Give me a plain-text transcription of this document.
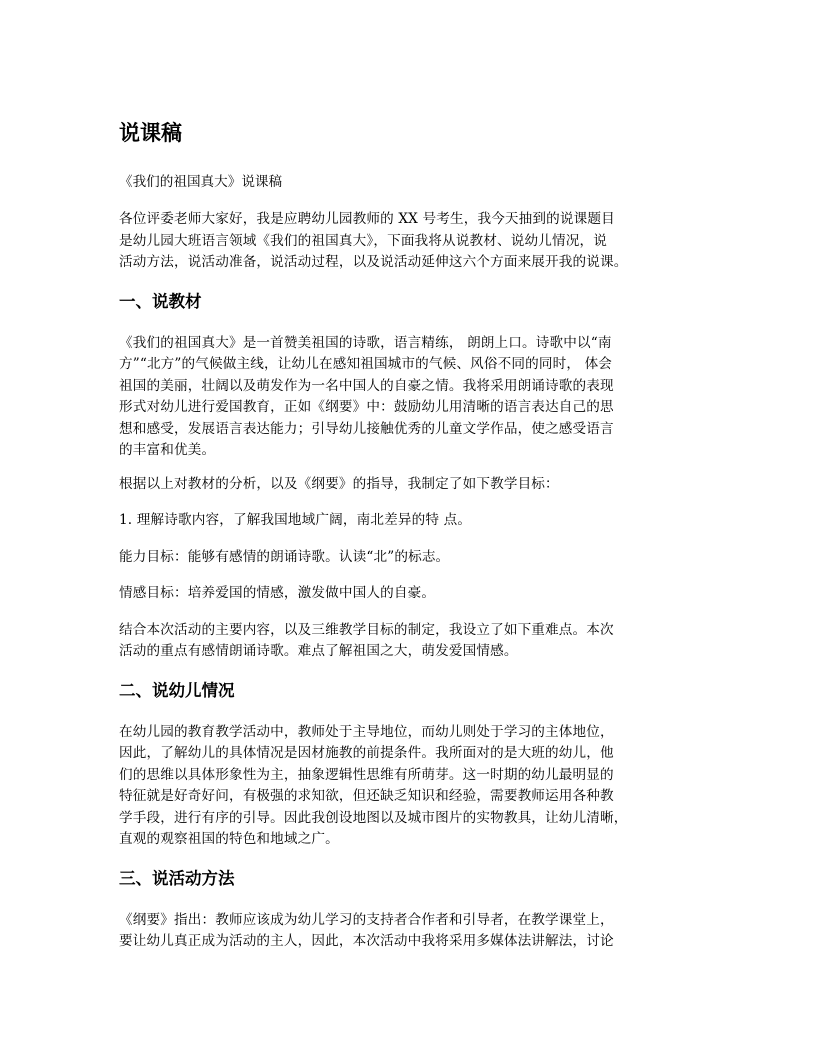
说课稿
《我们的祖国真大》说课稿

各位评委老师大家好，我是应聘幼儿园教师的 XX 号考生，我今天抽到的说课题目
是幼儿园大班语言领域《我们的祖国真大》，下面我将从说教材、说幼儿情况，说
活动方法，说活动准备，说活动过程，以及说活动延伸这六个方面来展开我的说课。

一、说教材

《我们的祖国真大》是一首赞美祖国的诗歌，语言精练， 朗朗上口。诗歌中以“南
方”“北方”的气候做主线，让幼儿在感知祖国城市的气候、风俗不同的同时， 体会
祖国的美丽，壮阔以及萌发作为一名中国人的自豪之情。我将采用朗诵诗歌的表现
形式对幼儿进行爱国教育，正如《纲要》中：鼓励幼儿用清晰的语言表达自己的思
想和感受，发展语言表达能力；引导幼儿接触优秀的儿童文学作品，使之感受语言
的丰富和优美。

根据以上对教材的分析，以及《纲要》的指导，我制定了如下教学目标：

1. 理解诗歌内容，了解我国地域广阔，南北差异的特 点。

能力目标：能够有感情的朗诵诗歌。认读“北”的标志。

情感目标：培养爱国的情感，激发做中国人的自豪。

结合本次活动的主要内容，以及三维教学目标的制定，我设立了如下重难点。本次
活动的重点有感情朗诵诗歌。难点了解祖国之大，萌发爱国情感。

二、说幼儿情况

在幼儿园的教育教学活动中，教师处于主导地位，而幼儿则处于学习的主体地位，
因此，了解幼儿的具体情况是因材施教的前提条件。我所面对的是大班的幼儿，他
们的思维以具体形象性为主，抽象逻辑性思维有所萌芽。这一时期的幼儿最明显的
特征就是好奇好问，有极强的求知欲，但还缺乏知识和经验，需要教师运用各种教
学手段，进行有序的引导。因此我创设地图以及城市图片的实物教具，让幼儿清晰，
直观的观察祖国的特色和地域之广。

三、说活动方法

《纲要》指出：教师应该成为幼儿学习的支持者合作者和引导者，在教学课堂上，
要让幼儿真正成为活动的主人，因此，本次活动中我将采用多媒体法讲解法，讨论
